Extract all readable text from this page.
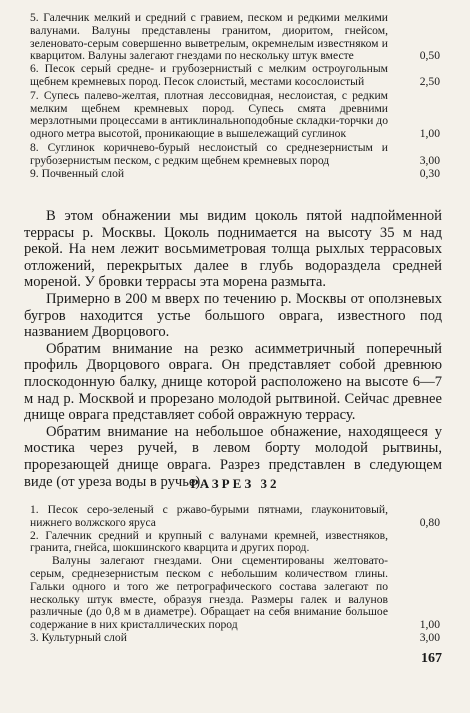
5. Галечник мелкий и средний с гравием, песком и редкими мелкими валунами. Валуны представлены гранитом, диоритом, гнейсом, зеленовато-серым совершенно выветрелым, окремнелым известняком и кварцитом. Валуны залегают гнездами по нескольку штук вместе	0,50
6. Песок серый средне- и грубозернистый с мелким остроугольным щебнем кремневых пород. Песок слоистый, местами косослоистый	2,50
7. Супесь палево-желтая, плотная лессовидная, неслоистая, с редким мелким щебнем кремневых пород. Супесь смята древними мерзлотными процессами в антиклинальноподобные складки-торчки до одного метра высотой, проникающие в вышележащий суглинок	1,00
8. Суглинок коричнево-бурый неслоистый со среднезернистым и грубозернистым песком, с редким щебнем кремневых пород	3,00
9. Почвенный слой	0,30

В этом обнажении мы видим цоколь пятой надпойменной террасы р. Москвы. Цоколь поднимается на высоту 35 м над рекой. На нем лежит восьмиметровая толща рыхлых террасовых отложений, перекрытых далее в глубь водораздела средней мореной. У бровки террасы эта морена размыта.

Примерно в 200 м вверх по течению р. Москвы от оползневых бугров находится устье большого оврага, известного под названием Дворцового.

Обратим внимание на резко асимметричный поперечный профиль Дворцового оврага. Он представляет собой древнюю плоскодонную балку, днище которой расположено на высоте 6—7 м над р. Москвой и прорезано молодой рытвиной. Сейчас древнее днище оврага представляет собой овражную террасу.

Обратим внимание на небольшое обнажение, находящееся у мостика через ручей, в левом борту молодой рытвины, прорезающей днище оврага. Разрез представлен в следующем виде (от уреза воды в ручье).

РАЗРЕЗ 32
1. Песок серо-зеленый с ржаво-бурыми пятнами, глауконитовый, нижнего волжского яруса	0,80
2. Галечник средний и крупный с валунами кремней, известняков, гранита, гнейса, шокшинского кварцита и других пород.
Валуны залегают гнездами. Они сцементированы желтовато-серым, среднезернистым песком с небольшим количеством глины. Гальки одного и того же петрографического состава залегают по нескольку штук вместе, образуя гнезда. Размеры галек и валунов различные (до 0,8 м в диаметре). Обращает на себя внимание большое содержание в них кристаллических пород	1,00
3. Культурный слой	3,00
167
